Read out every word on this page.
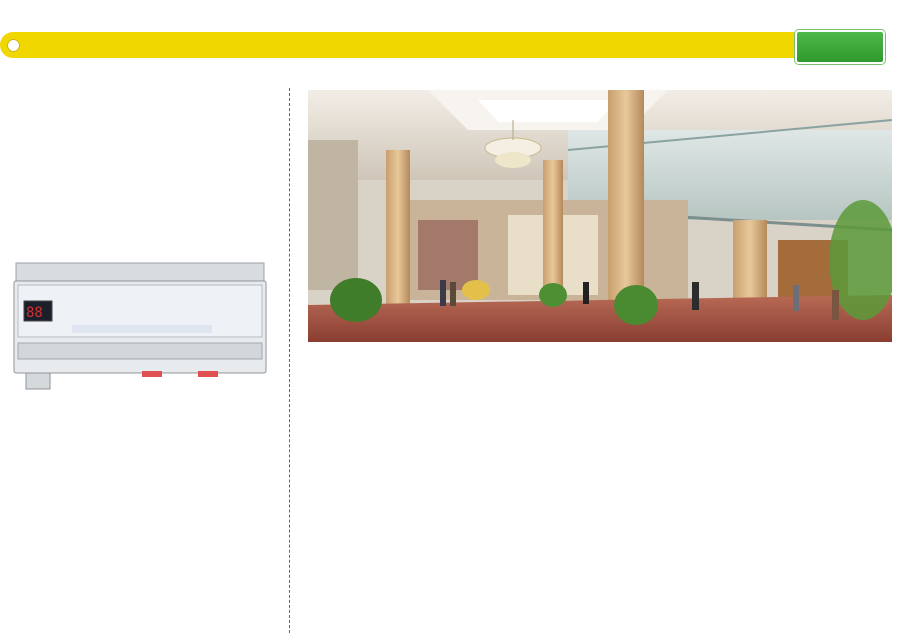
88
